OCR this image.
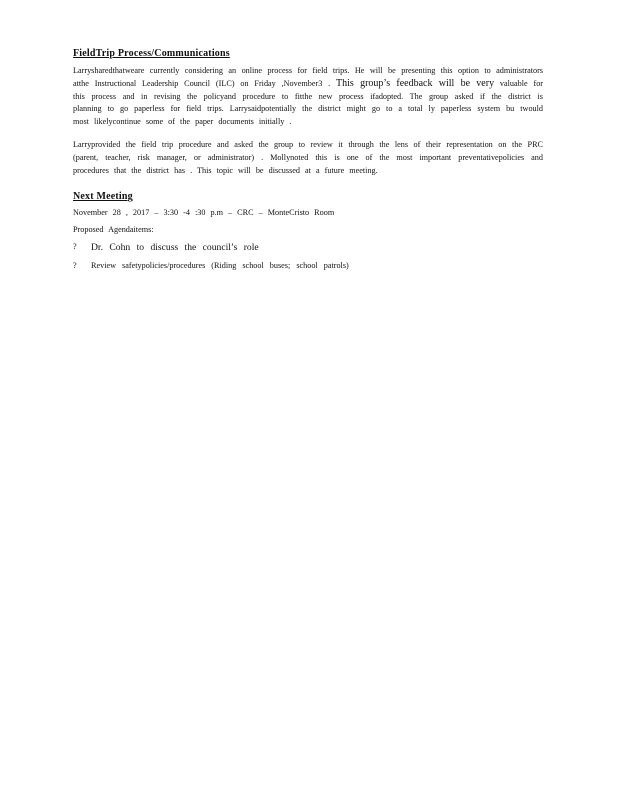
FieldTrip Process/Communications

Larrysharedthatweare currently considering an online process for field trips. He will be presenting this option to administrators atthe Instructional Leadership Council (ILC) on Friday ,November3 . This group’s feedback will be very valuable for this process and in revising the policyand procedure to fitthe new process ifadopted. The group asked if the district is planning to go paperless for field trips. Larrysaidpotentially the district might go to a total ly paperless system bu twould most likelycontinue some of the paper documents initially .

Larryprovided the field trip procedure and asked the group to review it through the lens of their representation on the PRC (parent, teacher, risk manager, or administrator) . Mollynoted this is one of the most important preventativepolicies and procedures that the district has . This topic will be discussed at a future meeting.

Next Meeting
November 28 , 2017 – 3:30 -4 :30 p.m – CRC – MonteCristo Room
Proposed Agendaitems:
?	Dr. Cohn to discuss the council’s role
?	Review safetypolicies/procedures (Riding school buses; school patrols)
